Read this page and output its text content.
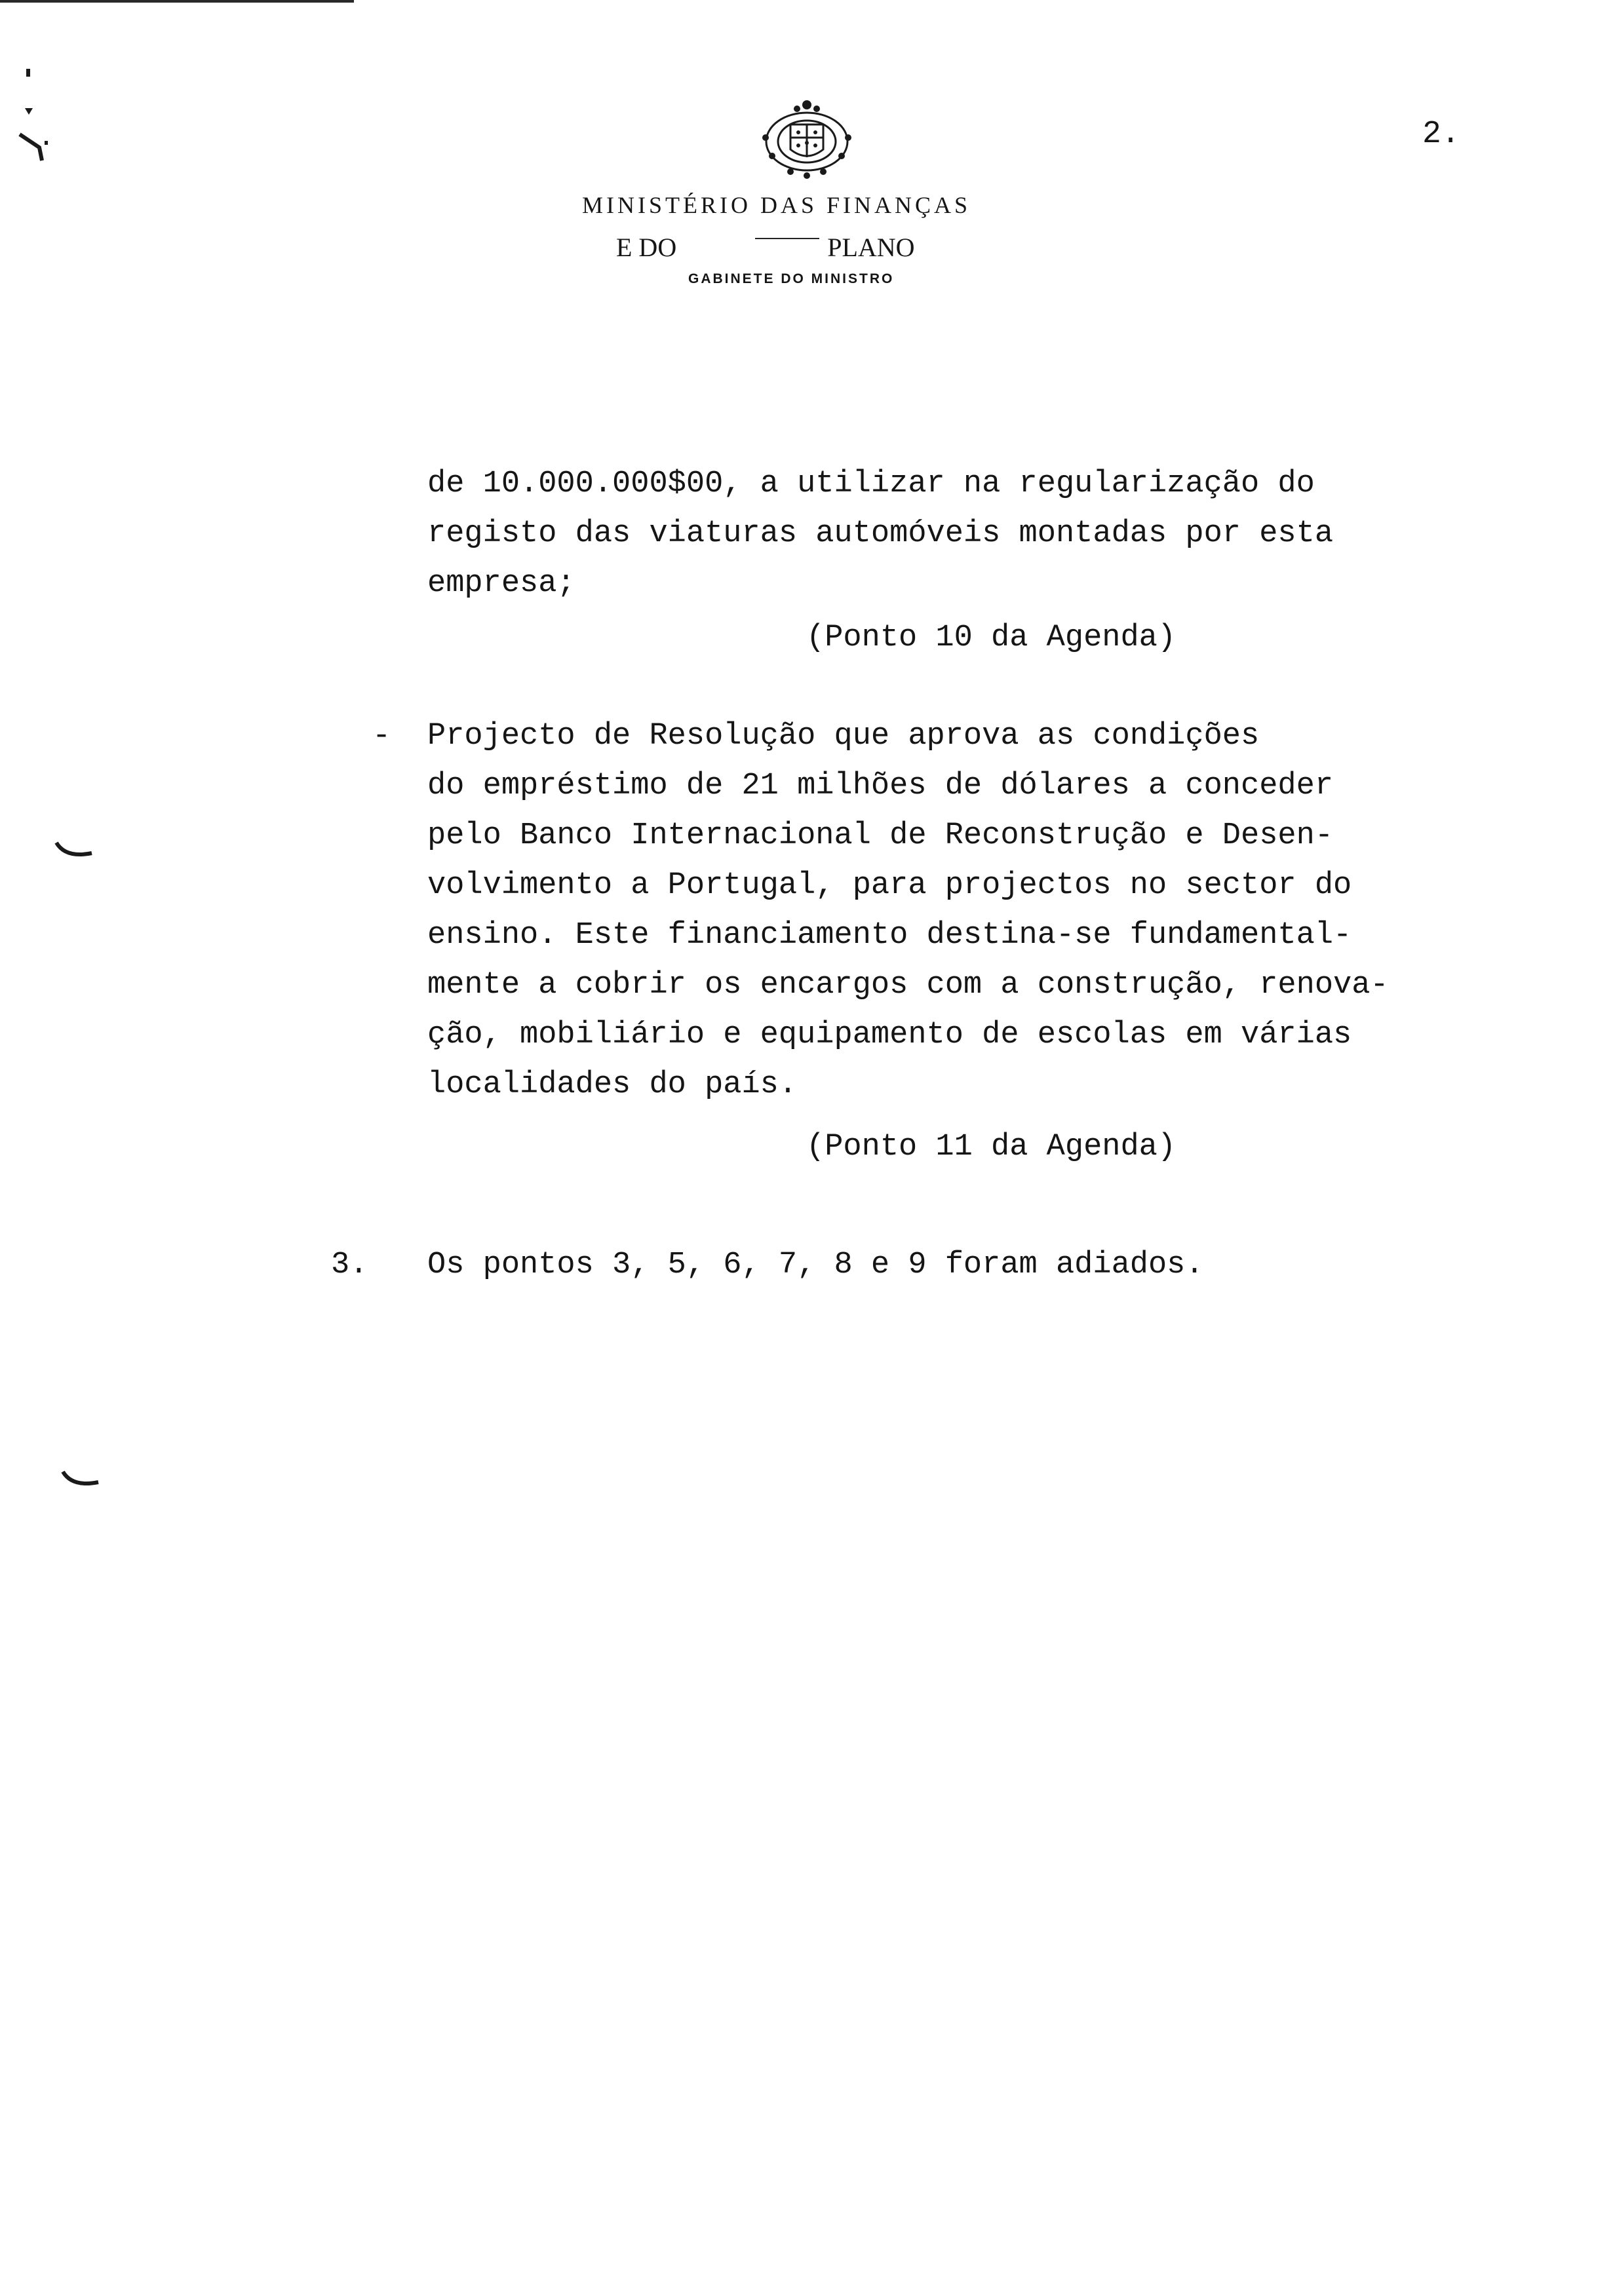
2.
MINISTÉRIO DAS FINANÇAS
E DO	PLANO
GABINETE DO MINISTRO
de 10.000.000$00, a utilizar na regularização do
registo das viaturas automóveis montadas por esta
empresa;
(Ponto 10 da Agenda)
- Projecto de Resolução que aprova as condições
do empréstimo de 21 milhões de dólares a conceder
pelo Banco Internacional de Reconstrução e Desen-
volvimento a Portugal, para projectos no sector do
ensino. Este financiamento destina-se fundamental-
mente a cobrir os encargos com a construção, renova-
ção, mobiliário e equipamento de escolas em várias
localidades do país.
(Ponto 11 da Agenda)
3. Os pontos 3, 5, 6, 7, 8 e 9 foram adiados.
